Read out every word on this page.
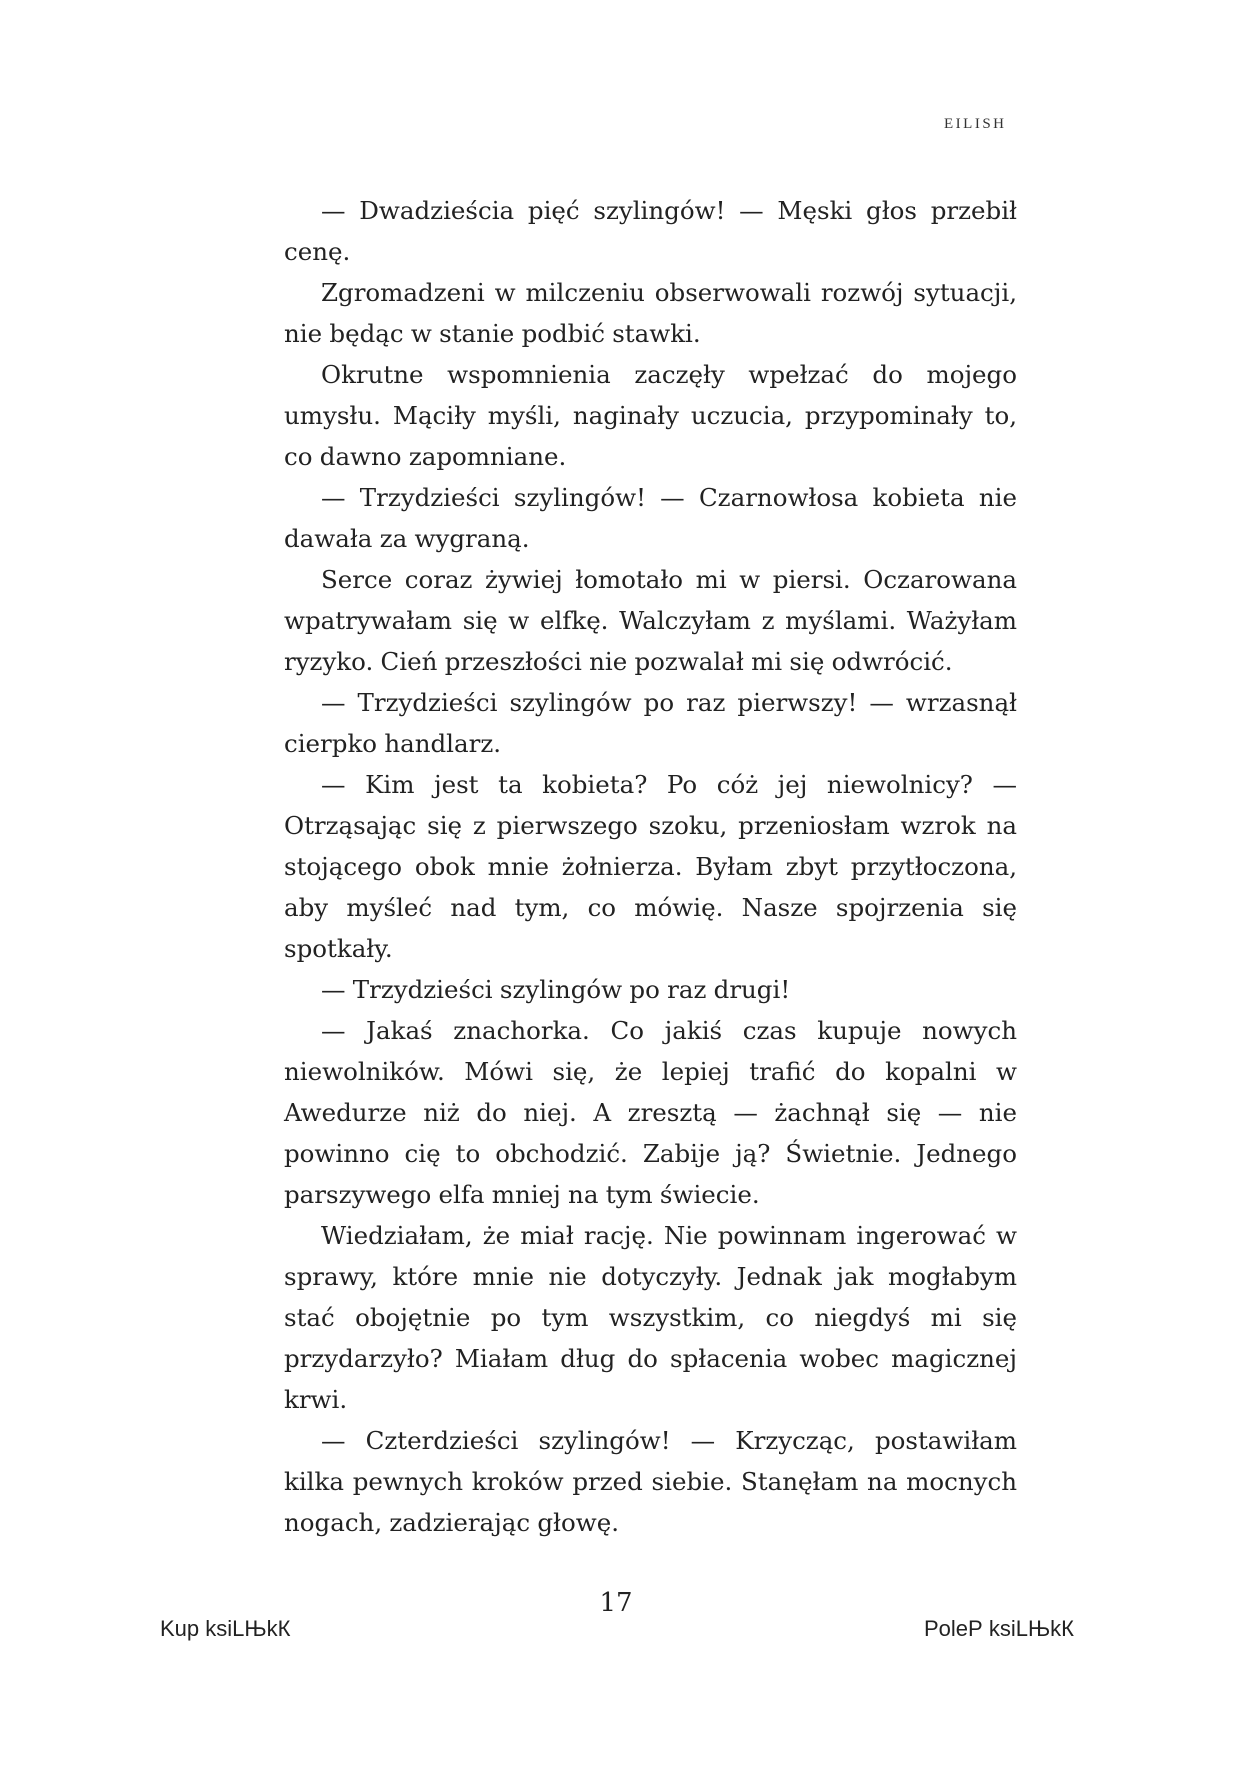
EILISH

— Dwadzieścia pięć szylingów! — Męski głos przebił cenę.

Zgromadzeni w milczeniu obserwowali rozwój sytuacji, nie będąc w stanie podbić stawki.

Okrutne wspomnienia zaczęły wpełzać do mojego umysłu. Mąciły myśli, naginały uczucia, przypominały to, co dawno zapomniane.

— Trzydzieści szylingów! — Czarnowłosa kobieta nie dawała za wygraną.

Serce coraz żywiej łomotało mi w piersi. Oczarowana wpatrywałam się w elfkę. Walczyłam z myślami. Ważyłam ryzyko. Cień przeszłości nie pozwalał mi się odwrócić.

— Trzydzieści szylingów po raz pierwszy! — wrzasnął cierpko handlarz.

— Kim jest ta kobieta? Po cóż jej niewolnicy? — Otrząsając się z pierwszego szoku, przeniosłam wzrok na stojącego obok mnie żołnierza. Byłam zbyt przytłoczona, aby myśleć nad tym, co mówię. Nasze spojrzenia się spotkały.

— Trzydzieści szylingów po raz drugi!

— Jakaś znachorka. Co jakiś czas kupuje nowych niewolników. Mówi się, że lepiej trafić do kopalni w Awedurze niż do niej. A zresztą — żachnął się — nie powinno cię to obchodzić. Zabije ją? Świetnie. Jednego parszywego elfa mniej na tym świecie.

Wiedziałam, że miał rację. Nie powinnam ingerować w sprawy, które mnie nie dotyczyły. Jednak jak mogłabym stać obojętnie po tym wszystkim, co niegdyś mi się przydarzyło? Miałam dług do spłacenia wobec magicznej krwi.

— Czterdzieści szylingów! — Krzycząc, postawiłam kilka pewnych kroków przed siebie. Stanęłam na mocnych nogach, zadzierając głowę.

17
Kup ksiLЊkК	PoleР ksiLЊkК
